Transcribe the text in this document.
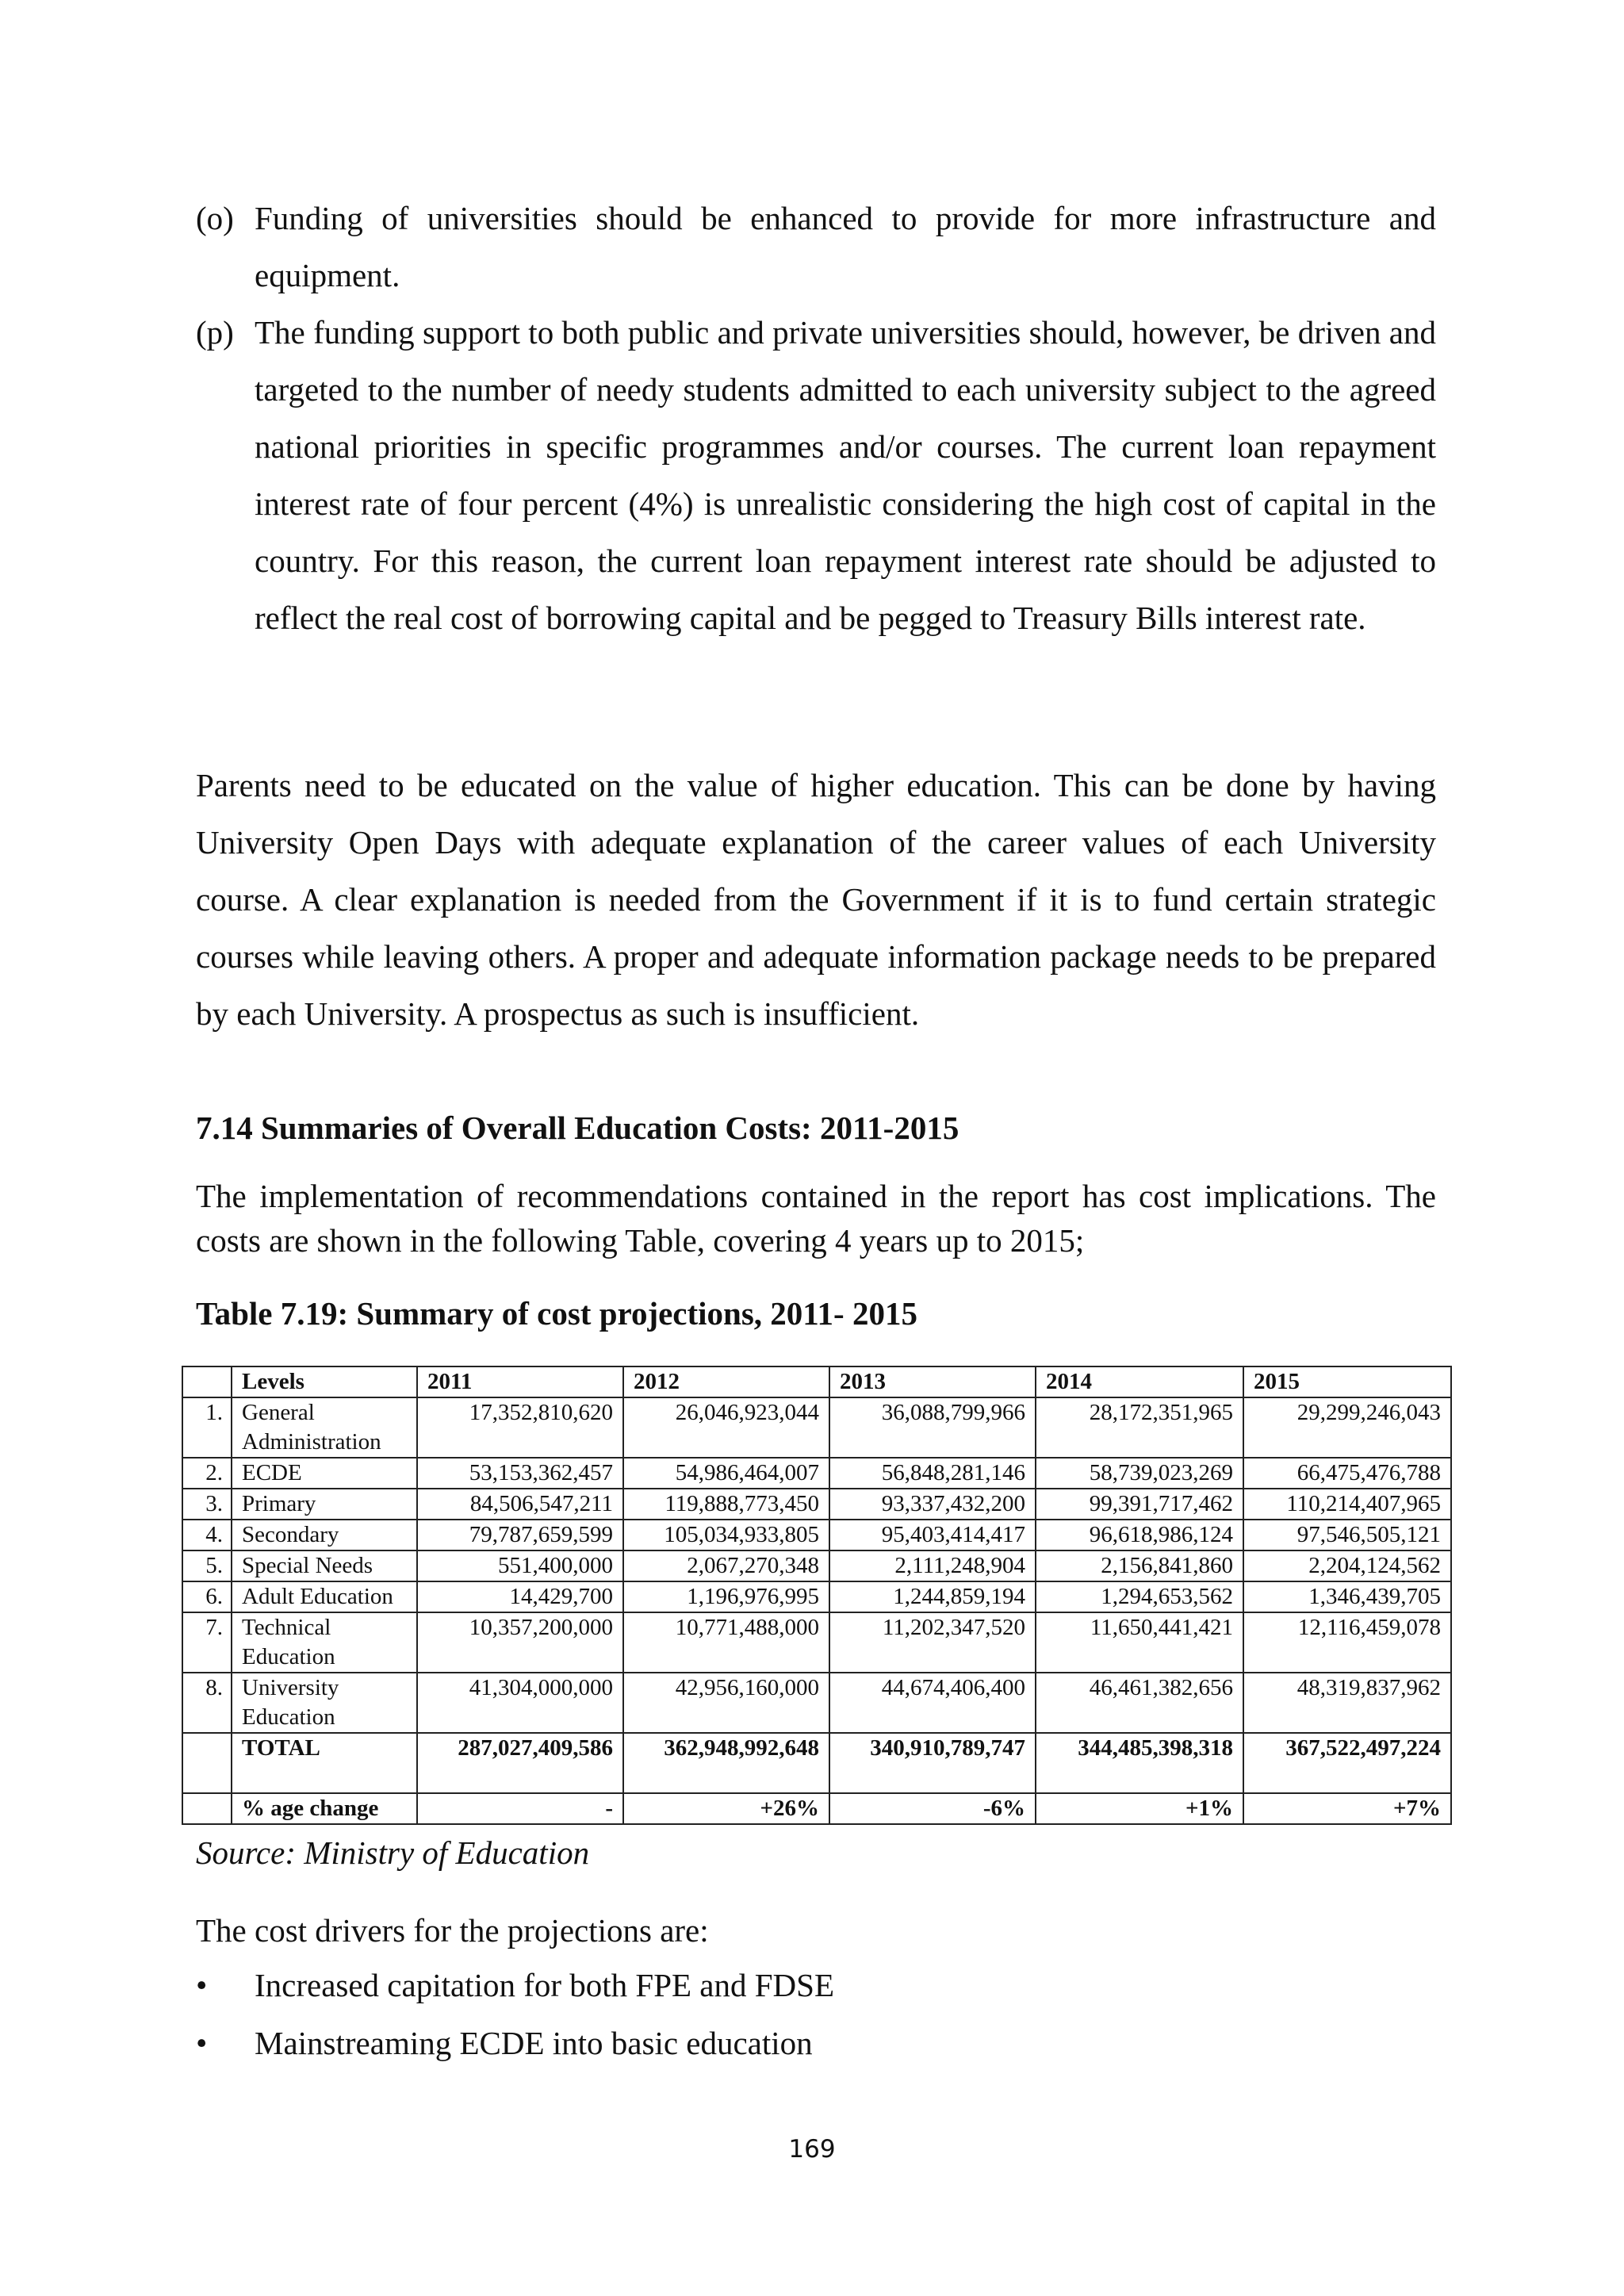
(o) Funding of universities should be enhanced to provide for more infrastructure and equipment.
(p) The funding support to both public and private universities should, however, be driven and targeted to the number of needy students admitted to each university subject to the agreed national priorities in specific programmes and/or courses. The current loan repayment interest rate of four percent (4%) is unrealistic considering the high cost of capital in the country. For this reason, the current loan repayment interest rate should be adjusted to reflect the real cost of borrowing capital and be pegged to Treasury Bills interest rate.
Parents need to be educated on the value of higher education. This can be done by having University Open Days with adequate explanation of the career values of each University course. A clear explanation is needed from the Government if it is to fund certain strategic courses while leaving others. A proper and adequate information package needs to be prepared by each University. A prospectus as such is insufficient.
7.14 Summaries of Overall Education Costs: 2011-2015
The implementation of recommendations contained in the report has cost implications. The costs are shown in the following Table, covering 4 years up to 2015;
Table 7.19: Summary of cost projections, 2011- 2015
	Levels	2011	2012	2013	2014	2015
1.	General Administration	17,352,810,620	26,046,923,044	36,088,799,966	28,172,351,965	29,299,246,043
2.	ECDE	53,153,362,457	54,986,464,007	56,848,281,146	58,739,023,269	66,475,476,788
3.	Primary	84,506,547,211	119,888,773,450	93,337,432,200	99,391,717,462	110,214,407,965
4.	Secondary	79,787,659,599	105,034,933,805	95,403,414,417	96,618,986,124	97,546,505,121
5.	Special Needs	551,400,000	2,067,270,348	2,111,248,904	2,156,841,860	2,204,124,562
6.	Adult Education	14,429,700	1,196,976,995	1,244,859,194	1,294,653,562	1,346,439,705
7.	Technical Education	10,357,200,000	10,771,488,000	11,202,347,520	11,650,441,421	12,116,459,078
8.	University Education	41,304,000,000	42,956,160,000	44,674,406,400	46,461,382,656	48,319,837,962
	TOTAL	287,027,409,586	362,948,992,648	340,910,789,747	344,485,398,318	367,522,497,224
	% age change	-	+26%	-6%	+1%	+7%
Source: Ministry of Education
The cost drivers for the projections are:
• Increased capitation for both FPE and FDSE
• Mainstreaming ECDE into basic education
169
